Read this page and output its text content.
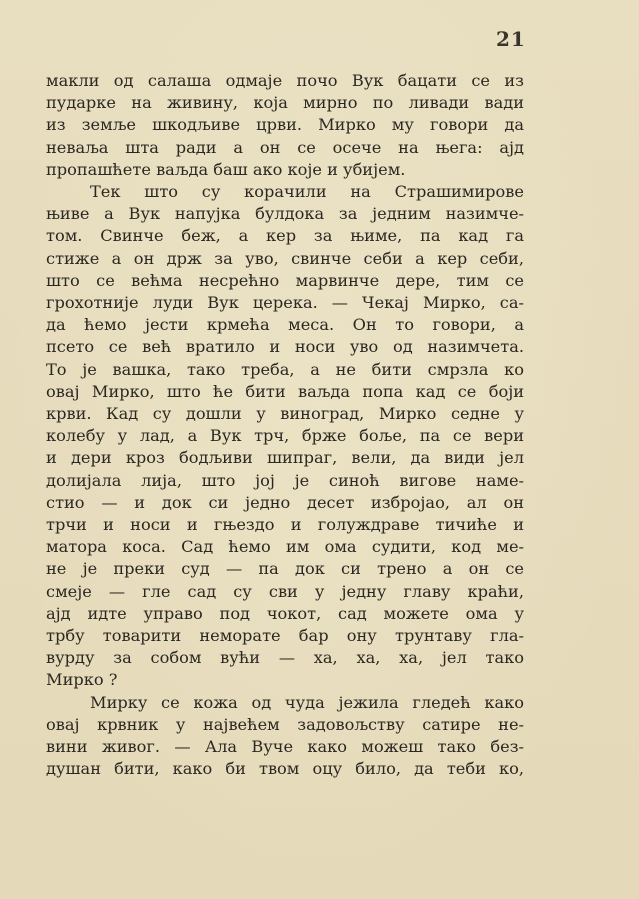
21
макли од салаша одмаје почо Вук бацати се из
пударке на живину, која мирно по ливади вади
из земље шкодљиве црви. Мирко му говори да
неваља шта ради а он се осече на њега: ајд
пропашћете ваљда баш ако које и убијем.
Тек што су корачили на Страшимирове
њиве а Вук напујка булдока за једним назимче-
том. Свинче беж, а кер за њиме, па кад га
стиже а он држ за уво, свинче себи а кер себи,
што се већма несрећно марвинче дере, тим се
грохотније луди Вук церека. — Чекај Мирко, са-
да ћемо јести крмећа меса. Он то говори, а
псето се већ вратило и носи уво од назимчета.
То је вашка, тако треба, а не бити смрзла ко
овај Мирко, што ће бити ваљда попа кад се боји
крви. Кад су дошли у виноград, Мирко седне у
колебу у лад, а Вук трч, брже боље, па се вери
и дери кроз бодљиви шипраг, вели, да види јел
долијала лија, што јој је синоћ вигове наме-
стио — и док си једно десет избројао, ал он
трчи и носи и гњездо и голуждраве тичиће и
матора коса. Сад ћемо им ома судити, код ме-
не је преки суд — па док си трено а он се
смеје — гле сад су сви у једну главу краћи,
ајд идте управо под чокот, сад можете ома у
трбу товарити неморате бар ону трунтаву гла-
вурду за собом вући — ха, ха, ха, јел тако
Мирко ?
Мирку се кожа од чуда јежила гледећ како
овај крвник у највећем задовољству сатире не-
вини живог. — Ала Вуче како можеш тако без-
душан бити, како би твом оцу било, да теби ко,
